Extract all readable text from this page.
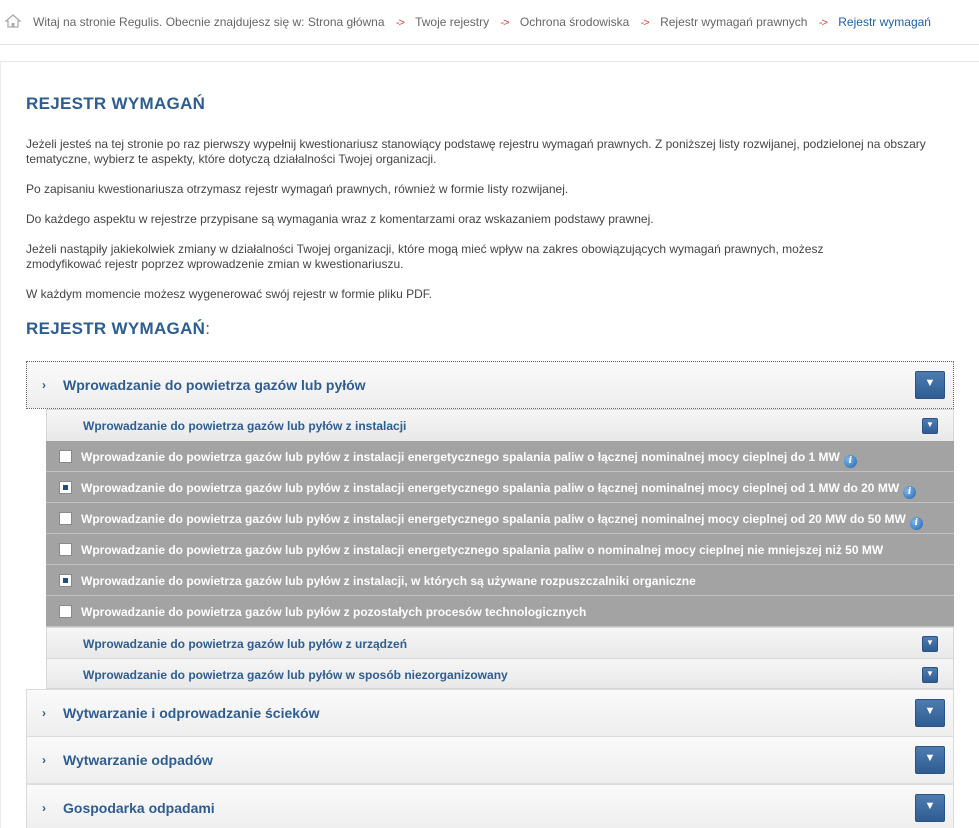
Witaj na stronie Regulis. Obecnie znajdujesz się w: Strona główna -> Twoje rejestry -> Ochrona środowiska -> Rejestr wymagań prawnych -> Rejestr wymagań
REJESTR WYMAGAŃ

Jeżeli jesteś na tej stronie po raz pierwszy wypełnij kwestionariusz stanowiący podstawę rejestru wymagań prawnych. Z poniższej listy rozwijanej, podzielonej na obszary tematyczne, wybierz te aspekty, które dotyczą działalności Twojej organizacji.

Po zapisaniu kwestionariusza otrzymasz rejestr wymagań prawnych, również w formie listy rozwijanej.

Do każdego aspektu w rejestrze przypisane są wymagania wraz z komentarzami oraz wskazaniem podstawy prawnej.

Jeżeli nastąpiły jakiekolwiek zmiany w działalności Twojej organizacji, które mogą mieć wpływ na zakres obowiązujących wymagań prawnych, możesz zmodyfikować rejestr poprzez wprowadzenie zmian w kwestionariuszu.

W każdym momencie możesz wygenerować swój rejestr w formie pliku PDF.

REJESTR WYMAGAŃ:
› Wprowadzanie do powietrza gazów lub pyłów	▼
Wprowadzanie do powietrza gazów lub pyłów z instalacji	▼
Wprowadzanie do powietrza gazów lub pyłów z instalacji energetycznego spalania paliw o łącznej nominalnej mocy cieplnej do 1 MW i
Wprowadzanie do powietrza gazów lub pyłów z instalacji energetycznego spalania paliw o łącznej nominalnej mocy cieplnej od 1 MW do 20 MW i
Wprowadzanie do powietrza gazów lub pyłów z instalacji energetycznego spalania paliw o łącznej nominalnej mocy cieplnej od 20 MW do 50 MW i
Wprowadzanie do powietrza gazów lub pyłów z instalacji energetycznego spalania paliw o nominalnej mocy cieplnej nie mniejszej niż 50 MW
Wprowadzanie do powietrza gazów lub pyłów z instalacji, w których są używane rozpuszczalniki organiczne
Wprowadzanie do powietrza gazów lub pyłów z pozostałych procesów technologicznych
Wprowadzanie do powietrza gazów lub pyłów z urządzeń	▼
Wprowadzanie do powietrza gazów lub pyłów w sposób niezorganizowany	▼
› Wytwarzanie i odprowadzanie ścieków	▼
› Wytwarzanie odpadów	▼
› Gospodarka odpadami	▼
